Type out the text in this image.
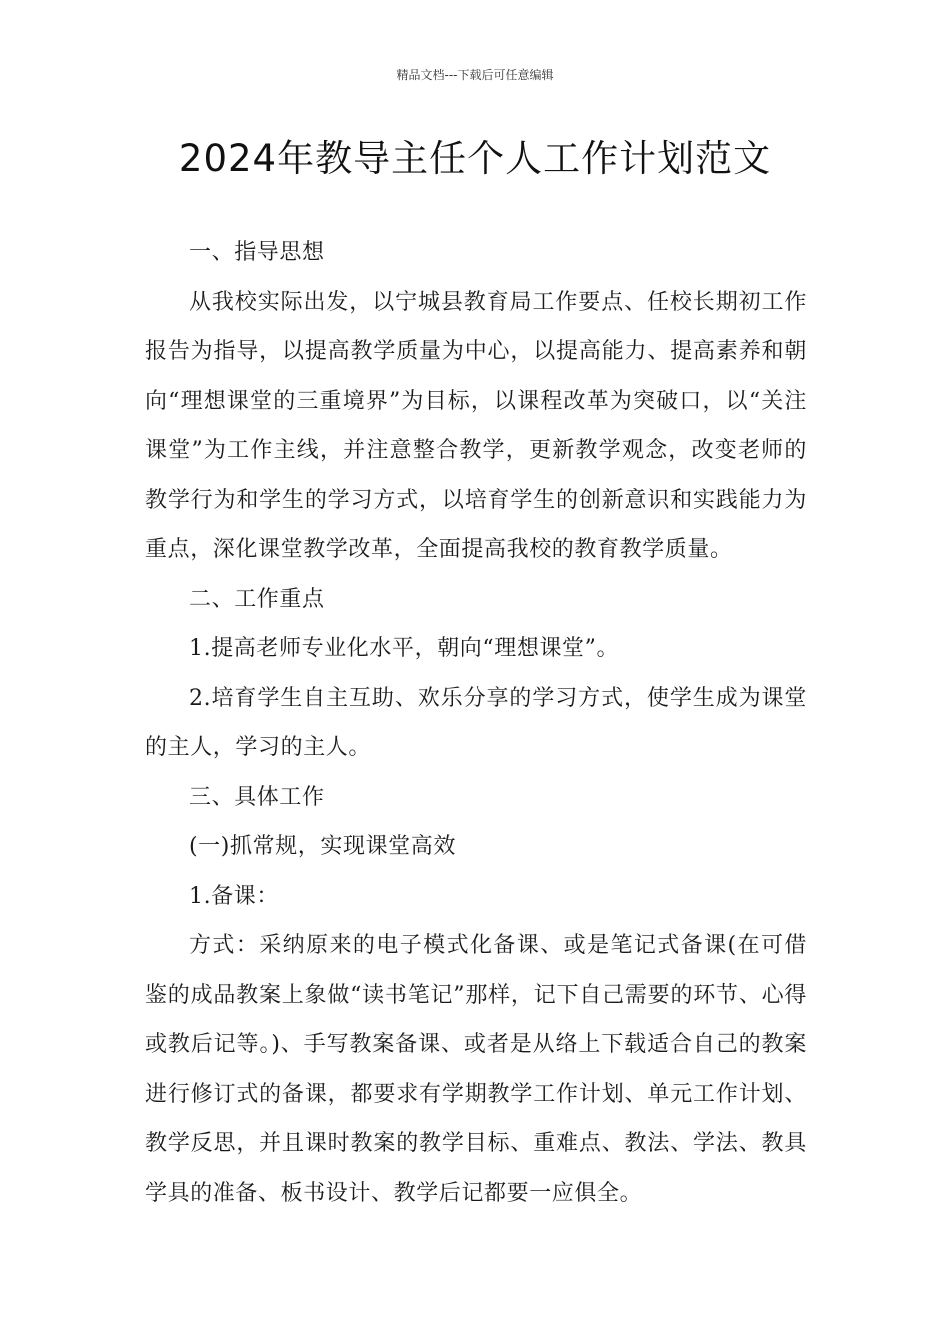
精品文档---下载后可任意编辑
2024年教导主任个人工作计划范文

一、指导思想

从我校实际出发，以宁城县教育局工作要点、任校长期初工作报告为指导，以提高教学质量为中心，以提高能力、提高素养和朝向“理想课堂的三重境界”为目标，以课程改革为突破口，以“关注课堂”为工作主线，并注意整合教学，更新教学观念，改变老师的教学行为和学生的学习方式，以培育学生的创新意识和实践能力为重点，深化课堂教学改革，全面提高我校的教育教学质量。

二、工作重点

1.提高老师专业化水平，朝向“理想课堂”。

2.培育学生自主互助、欢乐分享的学习方式，使学生成为课堂的主人，学习的主人。

三、具体工作

(一)抓常规，实现课堂高效

1.备课：

方式：采纳原来的电子模式化备课、或是笔记式备课(在可借鉴的成品教案上象做“读书笔记”那样，记下自己需要的环节、心得或教后记等。)、手写教案备课、或者是从络上下载适合自己的教案进行修订式的备课，都要求有学期教学工作计划、单元工作计划、教学反思，并且课时教案的教学目标、重难点、教法、学法、教具学具的准备、板书设计、教学后记都要一应俱全。
